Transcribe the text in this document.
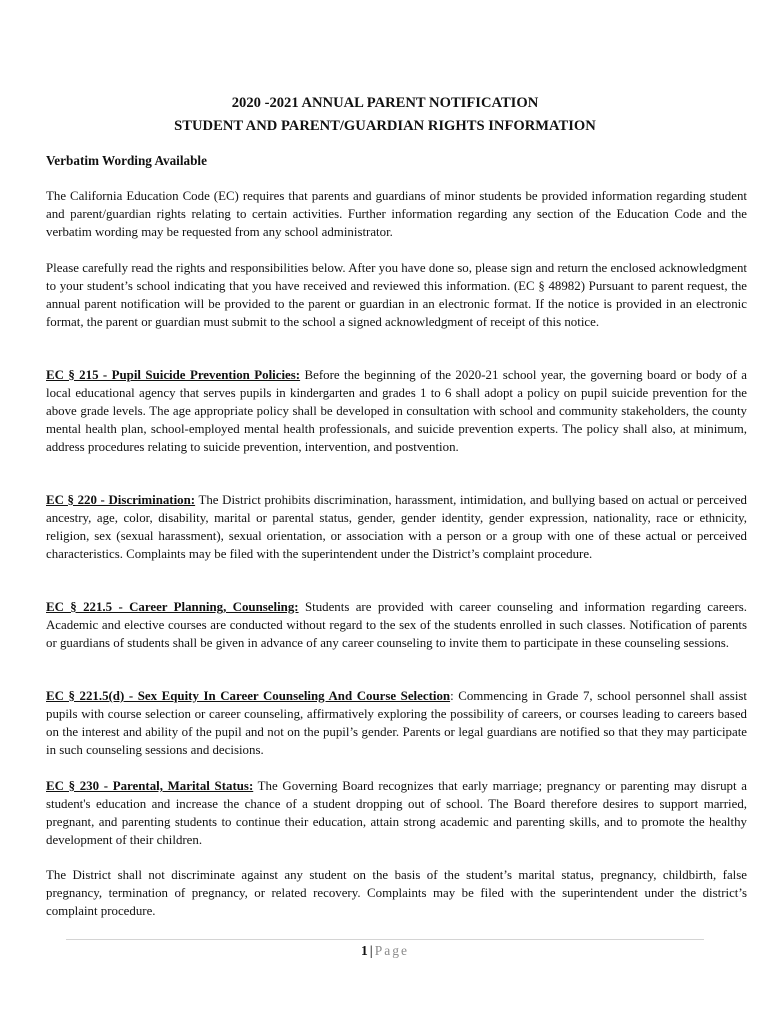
2020 -2021 ANNUAL PARENT NOTIFICATION
STUDENT AND PARENT/GUARDIAN RIGHTS INFORMATION
Verbatim Wording Available

The California Education Code (EC) requires that parents and guardians of minor students be provided information regarding student and parent/guardian rights relating to certain activities. Further information regarding any section of the Education Code and the verbatim wording may be requested from any school administrator.

Please carefully read the rights and responsibilities below. After you have done so, please sign and return the enclosed acknowledgment to your student’s school indicating that you have received and reviewed this information. (EC § 48982) Pursuant to parent request, the annual parent notification will be provided to the parent or guardian in an electronic format. If the notice is provided in an electronic format, the parent or guardian must submit to the school a signed acknowledgment of receipt of this notice.

EC § 215 - Pupil Suicide Prevention Policies: Before the beginning of the 2020-21 school year, the governing board or body of a local educational agency that serves pupils in kindergarten and grades 1 to 6 shall adopt a policy on pupil suicide prevention for the above grade levels. The age appropriate policy shall be developed in consultation with school and community stakeholders, the county mental health plan, school-employed mental health professionals, and suicide prevention experts. The policy shall also, at minimum, address procedures relating to suicide prevention, intervention, and postvention.

EC § 220 - Discrimination: The District prohibits discrimination, harassment, intimidation, and bullying based on actual or perceived ancestry, age, color, disability, marital or parental status, gender, gender identity, gender expression, nationality, race or ethnicity, religion, sex (sexual harassment), sexual orientation, or association with a person or a group with one of these actual or perceived characteristics. Complaints may be filed with the superintendent under the District’s complaint procedure.

EC § 221.5 - Career Planning, Counseling: Students are provided with career counseling and information regarding careers. Academic and elective courses are conducted without regard to the sex of the students enrolled in such classes. Notification of parents or guardians of students shall be given in advance of any career counseling to invite them to participate in these counseling sessions.

EC § 221.5(d) - Sex Equity In Career Counseling And Course Selection: Commencing in Grade 7, school personnel shall assist pupils with course selection or career counseling, affirmatively exploring the possibility of careers, or courses leading to careers based on the interest and ability of the pupil and not on the pupil’s gender. Parents or legal guardians are notified so that they may participate in such counseling sessions and decisions.

EC § 230 - Parental, Marital Status: The Governing Board recognizes that early marriage; pregnancy or parenting may disrupt a student's education and increase the chance of a student dropping out of school. The Board therefore desires to support married, pregnant, and parenting students to continue their education, attain strong academic and parenting skills, and to promote the healthy development of their children.

The District shall not discriminate against any student on the basis of the student’s marital status, pregnancy, childbirth, false pregnancy, termination of pregnancy, or related recovery. Complaints may be filed with the superintendent under the district’s complaint procedure.

1 | Page
